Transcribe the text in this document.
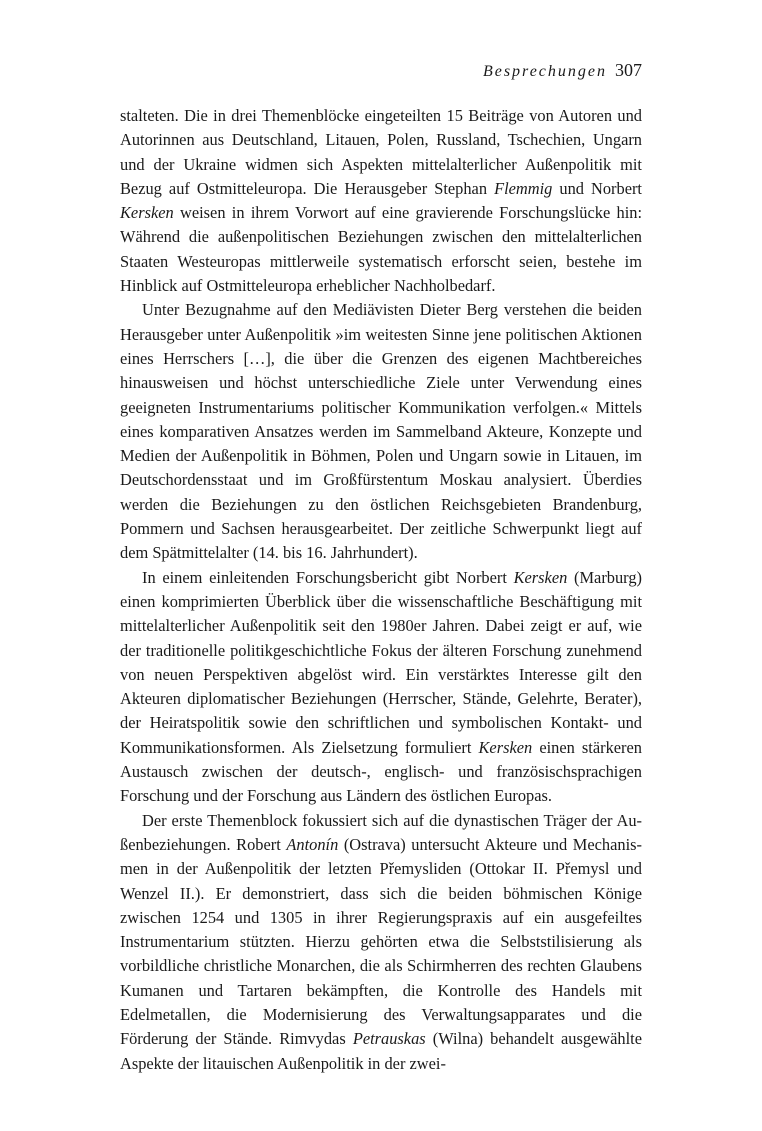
Besprechungen 307

stalteten. Die in drei Themenblöcke eingeteilten 15 Beiträge von Autoren und Autorinnen aus Deutschland, Litauen, Polen, Russland, Tschechien, Ungarn und der Ukraine widmen sich Aspekten mittelalterlicher Außenpolitik mit Bezug auf Ostmitteleuropa. Die Herausgeber Stephan Flemmig und Norbert Kersken weisen in ihrem Vorwort auf eine gravierende Forschungslücke hin: Während die außenpolitischen Beziehungen zwischen den mittelalterlichen Staaten Westeuropas mittlerweile systematisch erforscht seien, bestehe im Hinblick auf Ostmitteleuropa erheblicher Nachholbedarf.

Unter Bezugnahme auf den Mediävisten Dieter Berg verstehen die beiden Herausgeber unter Außenpolitik »im weitesten Sinne jene politischen Aktionen eines Herrschers […], die über die Grenzen des eigenen Machtbereiches hinausweisen und höchst unterschiedliche Ziele unter Verwendung eines geeigneten Instrumentariums politischer Kommunikation verfolgen.« Mittels eines komparativen Ansatzes werden im Sammelband Akteure, Konzepte und Medien der Außenpolitik in Böhmen, Polen und Ungarn sowie in Litauen, im Deutschordensstaat und im Großfürstentum Moskau analysiert. Überdies werden die Beziehungen zu den östlichen Reichsgebieten Brandenburg, Pommern und Sachsen herausgearbeitet. Der zeitliche Schwerpunkt liegt auf dem Spätmittelalter (14. bis 16. Jahrhundert).

In einem einleitenden Forschungsbericht gibt Norbert Kersken (Marburg) einen komprimierten Überblick über die wissenschaftliche Beschäftigung mit mittelalterlicher Außenpolitik seit den 1980er Jahren. Dabei zeigt er auf, wie der traditionelle politikgeschichtliche Fokus der älteren Forschung zunehmend von neuen Perspektiven abgelöst wird. Ein verstärktes Interesse gilt den Akteuren diplomatischer Beziehungen (Herrscher, Stände, Gelehrte, Berater), der Heiratspolitik sowie den schriftlichen und symbolischen Kontakt- und Kommunikationsformen. Als Zielsetzung formuliert Kersken einen stärkeren Austausch zwischen der deutsch-, englisch- und französischsprachigen Forschung und der Forschung aus Ländern des östlichen Europas.

Der erste Themenblock fokussiert sich auf die dynastischen Träger der Außenbeziehungen. Robert Antonín (Ostrava) untersucht Akteure und Mechanismen in der Außenpolitik der letzten Přemysliden (Ottokar II. Přemysl und Wenzel II.). Er demonstriert, dass sich die beiden böhmischen Könige zwischen 1254 und 1305 in ihrer Regierungspraxis auf ein ausgefeiltes Instrumentarium stützten. Hierzu gehörten etwa die Selbststilisierung als vorbildliche christliche Monarchen, die als Schirmherren des rechten Glaubens Kumanen und Tartaren bekämpften, die Kontrolle des Handels mit Edelmetallen, die Modernisierung des Verwaltungsapparates und die Förderung der Stände. Rimvydas Petrauskas (Wilna) behandelt ausgewählte Aspekte der litauischen Außenpolitik in der zwei-
